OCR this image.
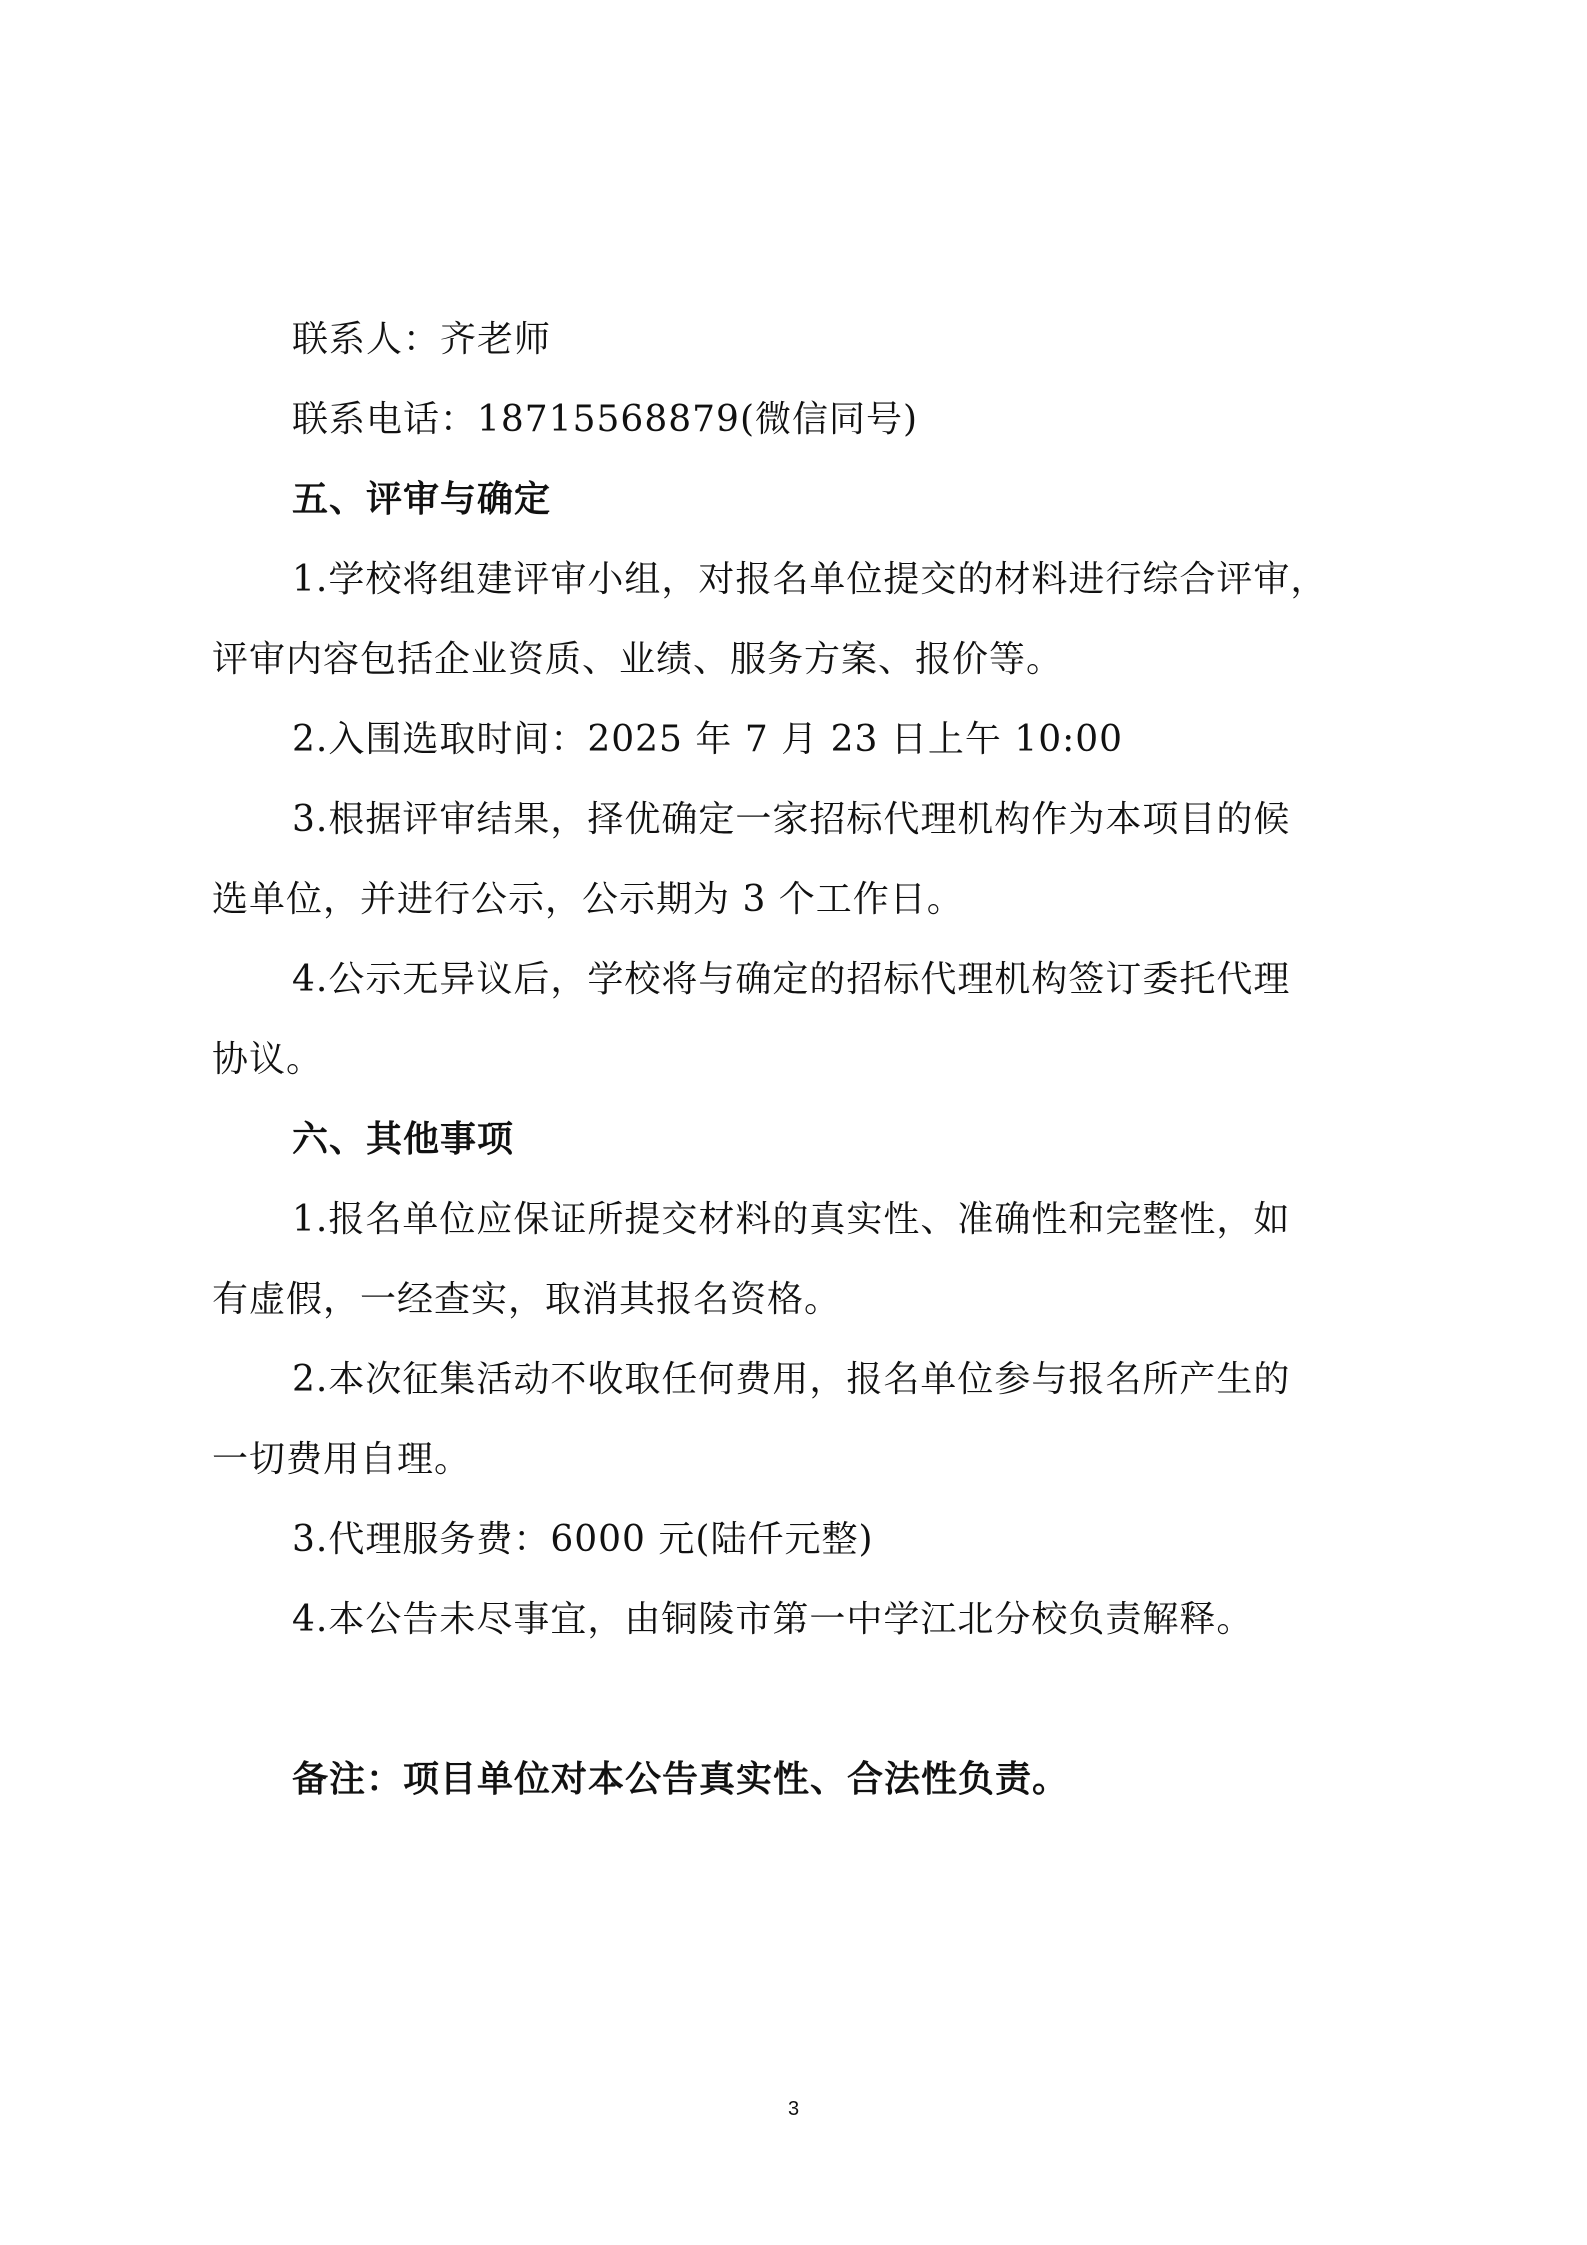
联系人：齐老师
联系电话：18715568879(微信同号)
五、评审与确定
1.学校将组建评审小组，对报名单位提交的材料进行综合评审，
评审内容包括企业资质、业绩、服务方案、报价等。
2.入围选取时间：2025 年 7 月 23 日上午 10:00
3.根据评审结果，择优确定一家招标代理机构作为本项目的候
选单位，并进行公示，公示期为 3 个工作日。
4.公示无异议后，学校将与确定的招标代理机构签订委托代理
协议。
六、其他事项
1.报名单位应保证所提交材料的真实性、准确性和完整性，如
有虚假，一经查实，取消其报名资格。
2.本次征集活动不收取任何费用，报名单位参与报名所产生的
一切费用自理。
3.代理服务费：6000 元(陆仟元整)
4.本公告未尽事宜，由铜陵市第一中学江北分校负责解释。
备注：项目单位对本公告真实性、合法性负责。
3
